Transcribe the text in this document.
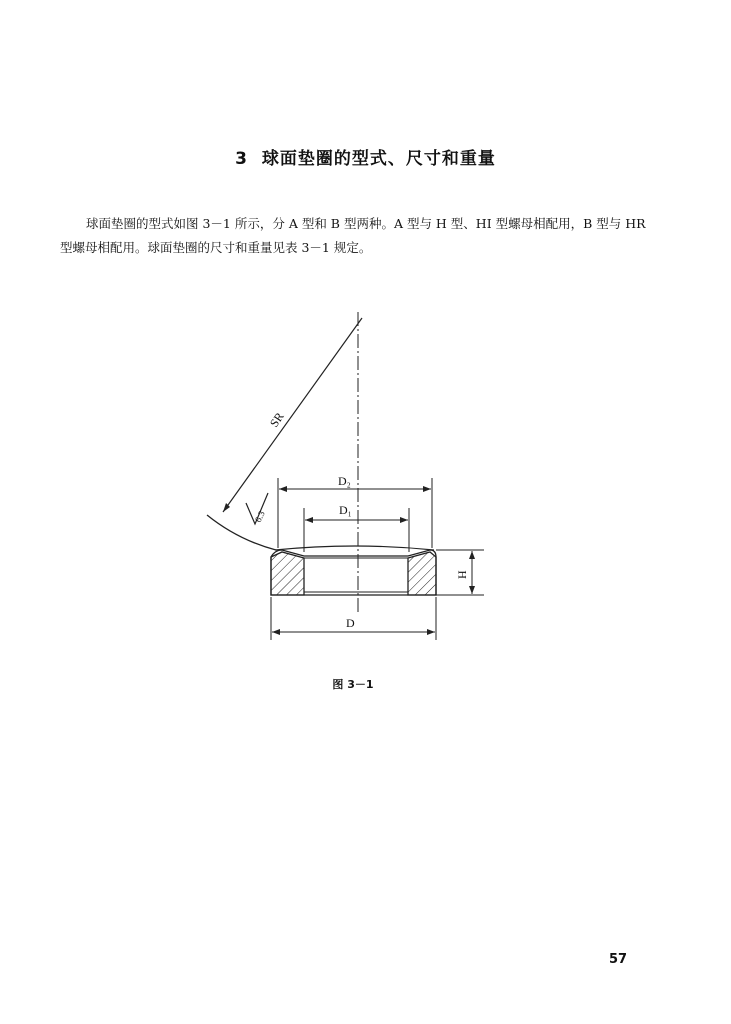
3 球面垫圈的型式、尺寸和重量
球面垫圈的型式如图 3－1 所示，分 A 型和 B 型两种。A 型与 H 型、HI 型螺母相配用，B 型与 HR 型螺母相配用。球面垫圈的尺寸和重量见表 3－1 规定。
SR
6.3
D₂
D₁
H
D
图 3－1
57
